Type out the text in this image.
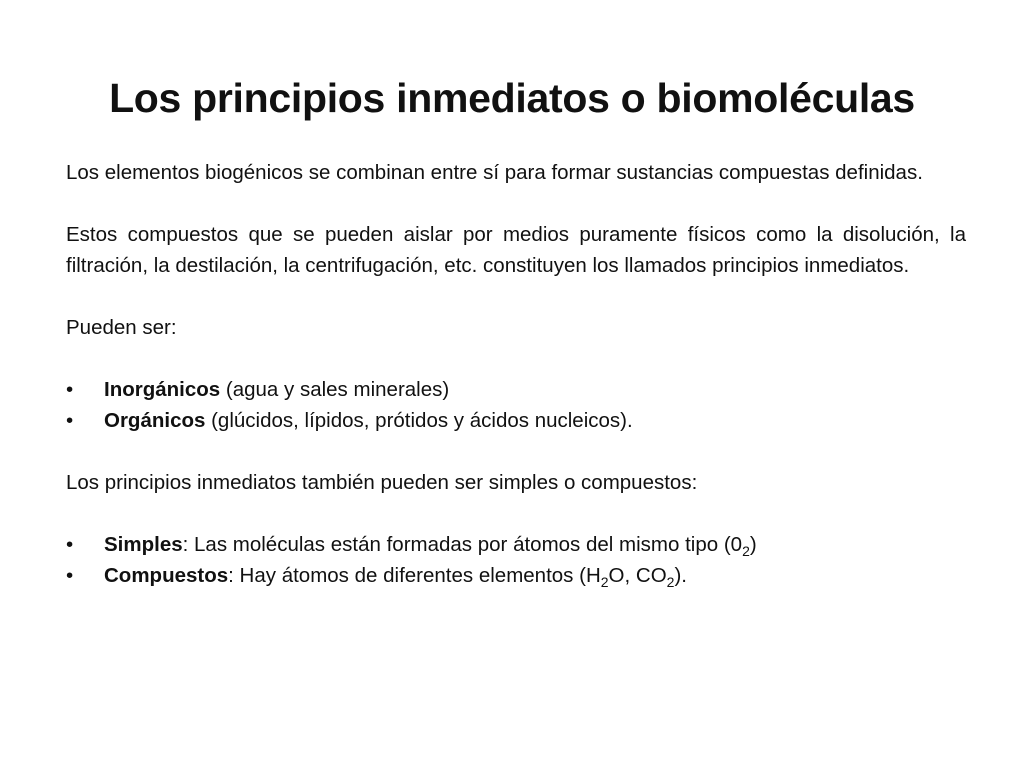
Los principios inmediatos o biomoléculas

Los elementos biogénicos se combinan entre sí para formar sustancias compuestas definidas.

Estos compuestos que se pueden aislar por medios puramente físicos como la disolución, la filtración, la destilación, la centrifugación, etc. constituyen los llamados principios inmediatos.

Pueden ser:

•	Inorgánicos (agua y sales minerales)
•	Orgánicos (glúcidos, lípidos, prótidos y ácidos nucleicos).

Los principios inmediatos también pueden ser simples o compuestos:

•	Simples: Las moléculas están formadas por átomos del mismo tipo $(0_2)$
•	Compuestos: Hay átomos de diferentes elementos ($H_2O$, $CO_2$).
